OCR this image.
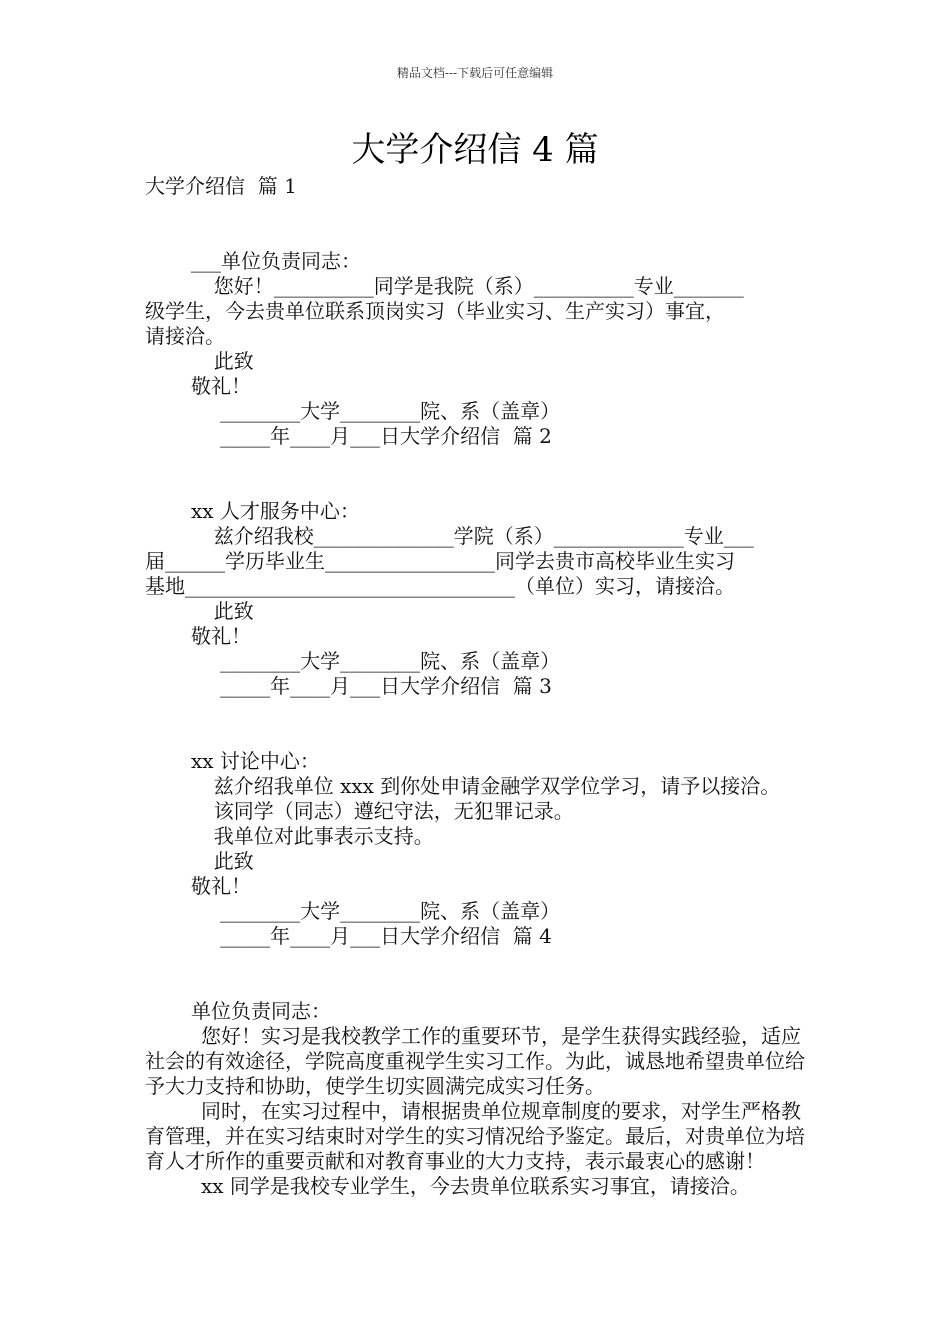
精品文档---下载后可任意编辑
大学介绍信 4 篇

大学介绍信  篇 1

___单位负责同志：

您好！__________同学是我院（系）__________专业_______

级学生，今去贵单位联系顶岗实习（毕业实习、生产实习）事宜，

请接洽。

此致

敬礼！

________大学________院、系（盖章）

_____年____月___日大学介绍信  篇 2

xx 人才服务中心：

兹介绍我校______________学院（系）_____________专业___

届______学历毕业生_________________同学去贵市高校毕业生实习

基地_________________________________（单位）实习，请接洽。

此致

敬礼！

________大学________院、系（盖章）

_____年____月___日大学介绍信  篇 3

xx 讨论中心：

兹介绍我单位 xxx 到你处申请金融学双学位学习，请予以接洽。

该同学（同志）遵纪守法，无犯罪记录。

我单位对此事表示支持。

此致

敬礼！

________大学________院、系（盖章）

_____年____月___日大学介绍信  篇 4

单位负责同志：

您好！实习是我校教学工作的重要环节，是学生获得实践经验，适应社会的有效途径，学院高度重视学生实习工作。为此，诚恳地希望贵单位给予大力支持和协助，使学生切实圆满完成实习任务。

同时，在实习过程中，请根据贵单位规章制度的要求，对学生严格教育管理，并在实习结束时对学生的实习情况给予鉴定。最后，对贵单位为培育人才所作的重要贡献和对教育事业的大力支持，表示最衷心的感谢！

xx 同学是我校专业学生，今去贵单位联系实习事宜，请接洽。
